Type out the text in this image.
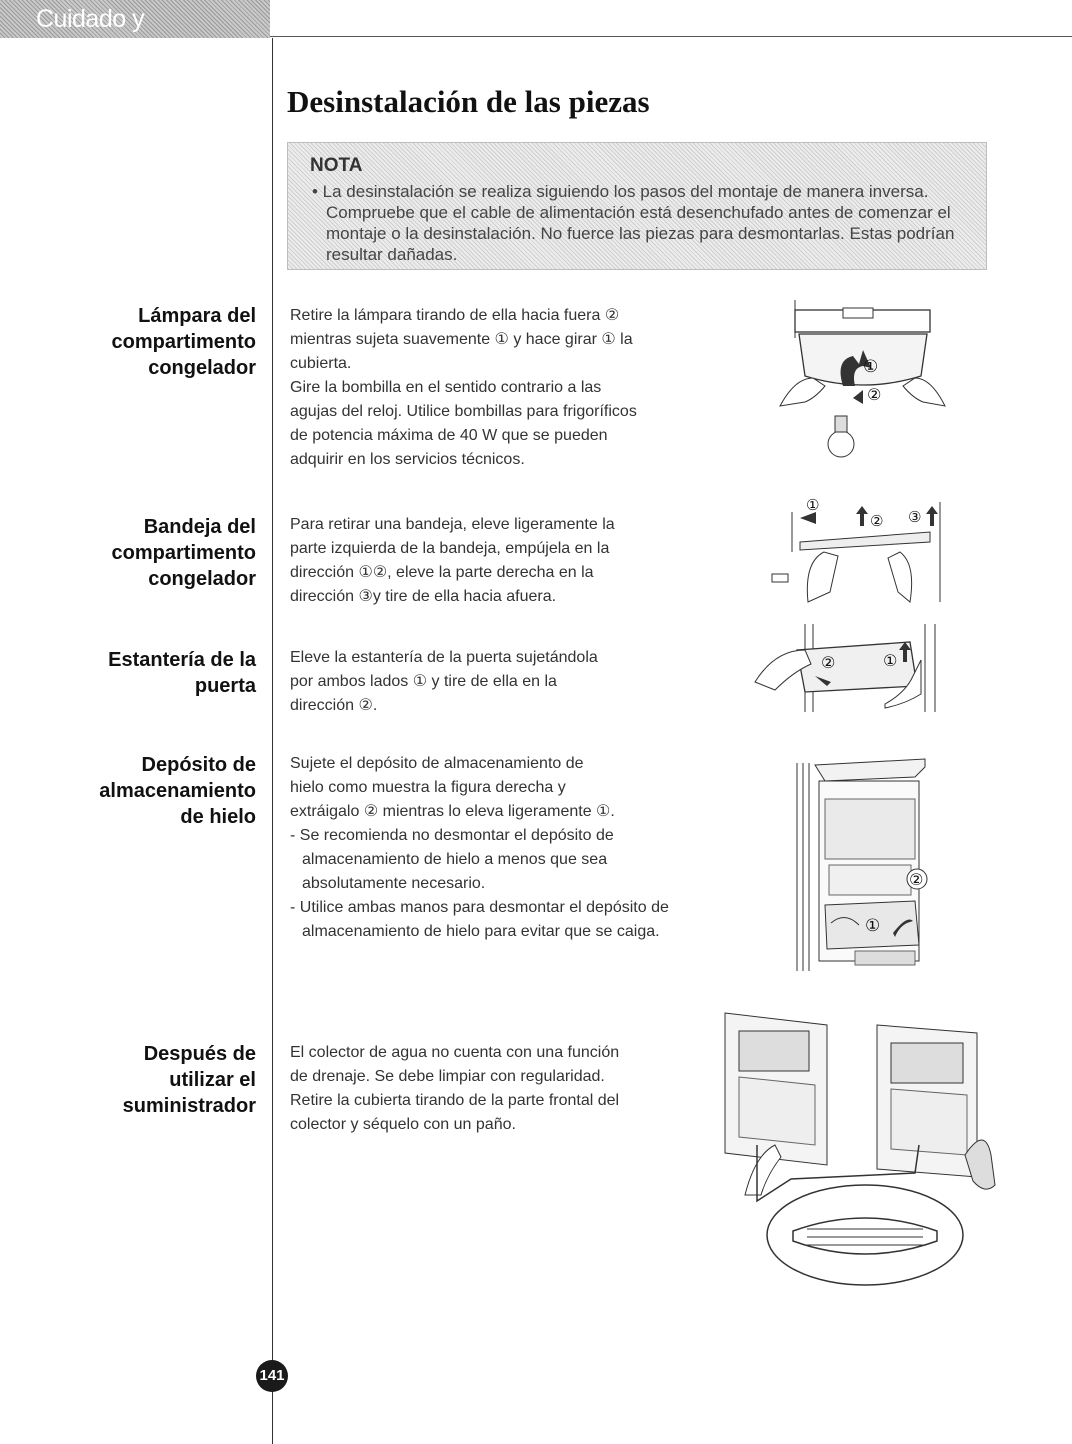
Cuidado y mantenimiento
Desinstalación de las piezas
NOTA
• La desinstalación se realiza siguiendo los pasos del montaje de manera inversa. Compruebe que el cable de alimentación está desenchufado antes de comenzar el montaje o la desinstalación. No fuerce las piezas para desmontarlas. Estas podrían resultar dañadas.
Lámpara del
compartimento
congelador

Retire la lámpara tirando de ella hacia fuera ②

mientras sujeta suavemente ① y hace girar ① la

cubierta.

Gire la bombilla en el sentido contrario a las

agujas del reloj. Utilice bombillas para frigoríficos

de potencia máxima de 40 W que se pueden

adquirir en los servicios técnicos.

①
②
Bandeja del
compartimento
congelador

Para retirar una bandeja, eleve ligeramente la

parte izquierda de la bandeja, empújela en la

dirección ①②, eleve la parte derecha en la

dirección ③y tire de ella hacia afuera.

①
② ③
Estantería de la
puerta

Eleve la estantería de la puerta sujetándola

por ambos lados ① y tire de ella en la

dirección ②.

②	①
Depósito de
almacenamiento
de hielo

Sujete el depósito de almacenamiento de

hielo como muestra la figura derecha y

extráigalo ② mientras lo eleva ligeramente ①.

- Se recomienda no desmontar el depósito de almacenamiento de hielo a menos que sea absolutamente necesario.

- Utilice ambas manos para desmontar el depósito de almacenamiento de hielo para evitar que se caiga.

②
①
Después de
utilizar el
suministrador

El colector de agua no cuenta con una función

de drenaje. Se debe limpiar con regularidad.

Retire la cubierta tirando de la parte frontal del

colector y séquelo con un paño.

141
